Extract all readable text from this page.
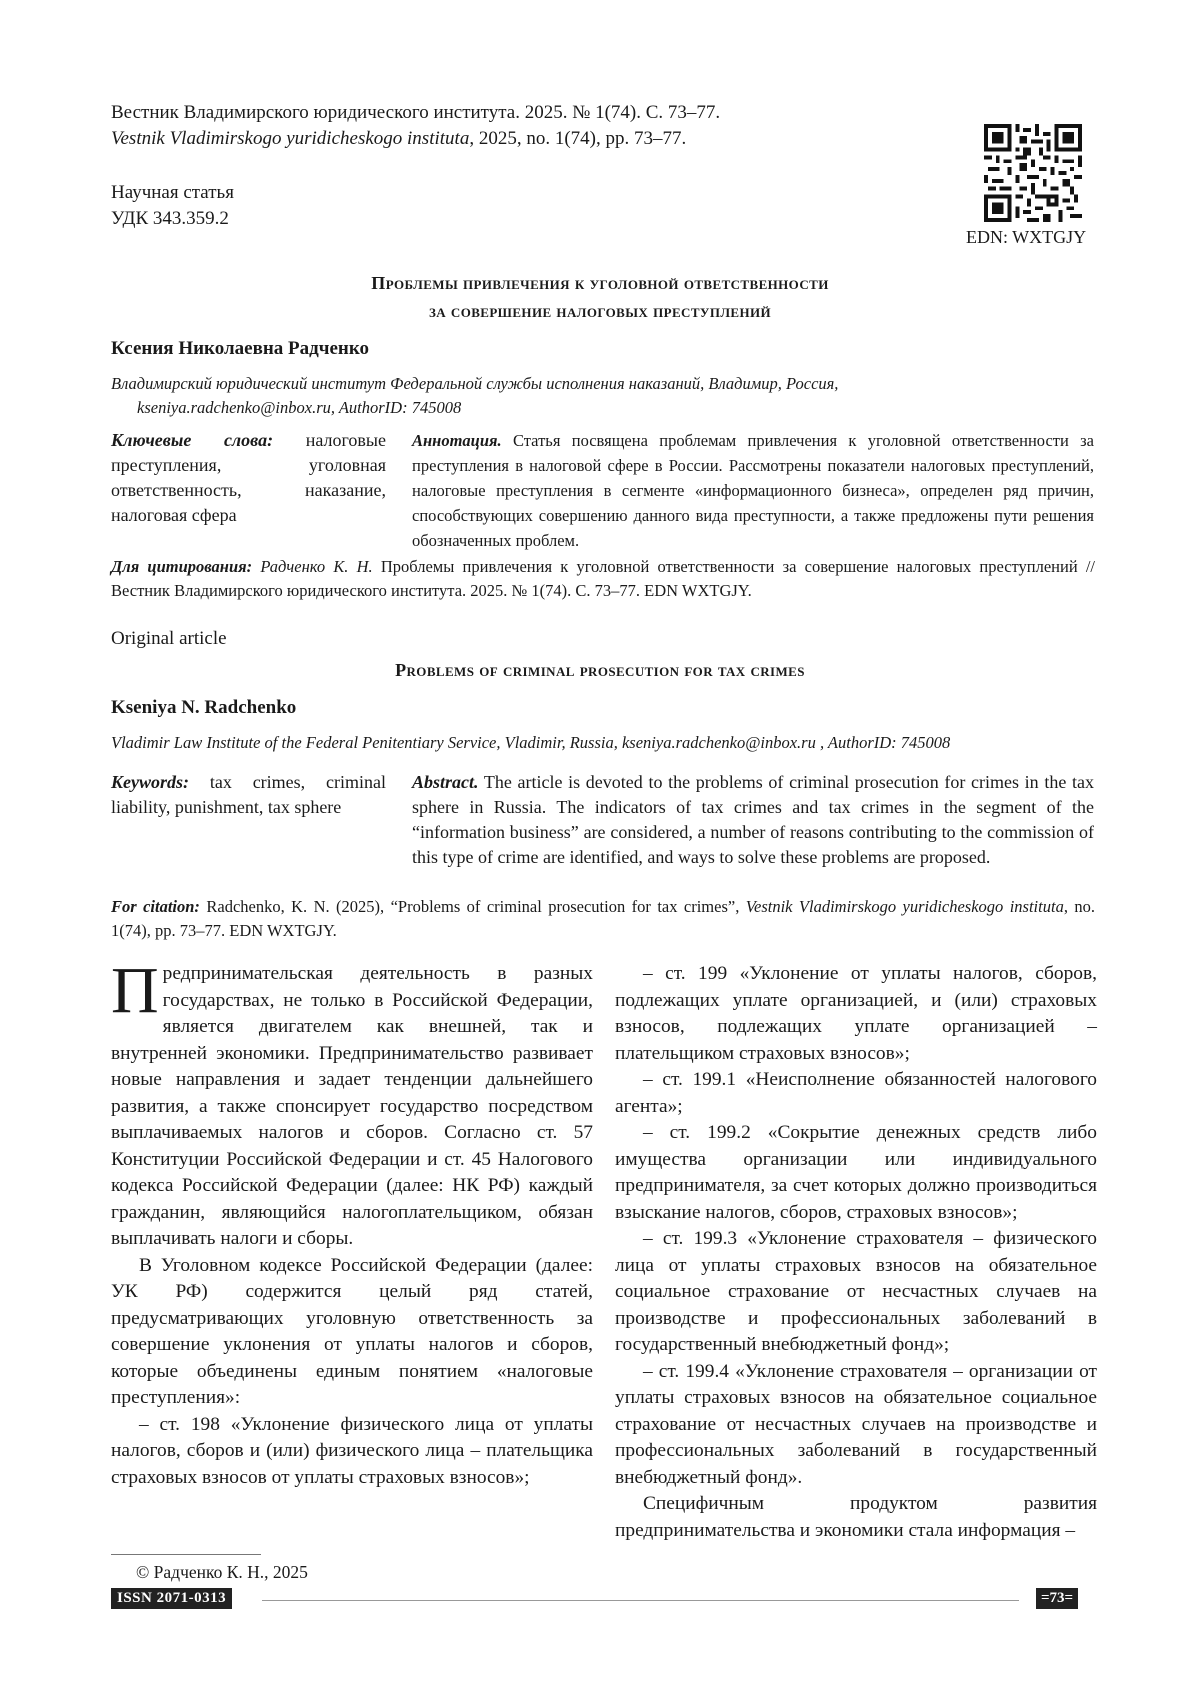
Вестник Владимирского юридического института. 2025. № 1(74). С. 73–77.
Vestnik Vladimirskogo yuridicheskogo instituta, 2025, no. 1(74), pp. 73–77.
Научная статья
УДК 343.359.2
EDN: WXTGJY
Проблемы привлечения к уголовной ответственности
за совершение налоговых преступлений
Ксения Николаевна Радченко
Владимирский юридический институт Федеральной службы исполнения наказаний, Владимир, Россия,
kseniya.radchenko@inbox.ru, AuthorID: 745008
Ключевые слова: налоговые преступления, уголовная ответственность, наказание, налоговая сфера
Аннотация. Статья посвящена проблемам привлечения к уголовной ответственности за преступления в налоговой сфере в России. Рассмотрены показатели налоговых преступлений, налоговые преступления в сегменте «информационного бизнеса», определен ряд причин, способствующих совершению данного вида преступности, а также предложены пути решения обозначенных проблем.
Для цитирования: Радченко К. Н. Проблемы привлечения к уголовной ответственности за совершение налоговых преступлений // Вестник Владимирского юридического института. 2025. № 1(74). С. 73–77. EDN WXTGJY.
Original article
Problems of criminal prosecution for tax crimes
Kseniya N. Radchenko
Vladimir Law Institute of the Federal Penitentiary Service, Vladimir, Russia, kseniya.radchenko@inbox.ru , AuthorID: 745008
Keywords: tax crimes, criminal liability, punishment, tax sphere
Abstract. The article is devoted to the problems of criminal prosecution for crimes in the tax sphere in Russia. The indicators of tax crimes and tax crimes in the segment of the “information business” are considered, a number of reasons contributing to the commission of this type of crime are identified, and ways to solve these problems are proposed.
For citation: Radchenko, K. N. (2025), “Problems of criminal prosecution for tax crimes”, Vestnik Vladimirskogo yuridicheskogo instituta, no. 1(74), pp. 73–77. EDN WXTGJY.

Предпринимательская деятельность в разных государствах, не только в Российской Федерации, является двигателем как внешней, так и внутренней экономики. Предпринимательство развивает новые направления и задает тенденции дальнейшего развития, а также спонсирует государство посредством выплачиваемых налогов и сборов. Согласно ст. 57 Конституции Российской Федерации и ст. 45 Налогового кодекса Российской Федерации (далее: НК РФ) каждый гражданин, являющийся налогоплательщиком, обязан выплачивать налоги и сборы.

В Уголовном кодексе Российской Федерации (далее: УК РФ) содержится целый ряд статей, предусматривающих уголовную ответственность за совершение уклонения от уплаты налогов и сборов, которые объединены единым понятием «налоговые преступления»:

– ст. 198 «Уклонение физического лица от уплаты налогов, сборов и (или) физического лица – плательщика страховых взносов от уплаты страховых взносов»;

– ст. 199 «Уклонение от уплаты налогов, сборов, подлежащих уплате организацией, и (или) страховых взносов, подлежащих уплате организацией – плательщиком страховых взносов»;

– ст. 199.1 «Неисполнение обязанностей налогового агента»;

– ст. 199.2 «Сокрытие денежных средств либо имущества организации или индивидуального предпринимателя, за счет которых должно производиться взыскание налогов, сборов, страховых взносов»;

– ст. 199.3 «Уклонение страхователя – физического лица от уплаты страховых взносов на обязательное социальное страхование от несчастных случаев на производстве и профессиональных заболеваний в государственный внебюджетный фонд»;

– ст. 199.4 «Уклонение страхователя – организации от уплаты страховых взносов на обязательное социальное страхование от несчастных случаев на производстве и профессиональных заболеваний в государственный внебюджетный фонд».

Специфичным продуктом развития предпринимательства и экономики стала информация –

© Радченко К. Н., 2025
ISSN 2071-0313	=73=
